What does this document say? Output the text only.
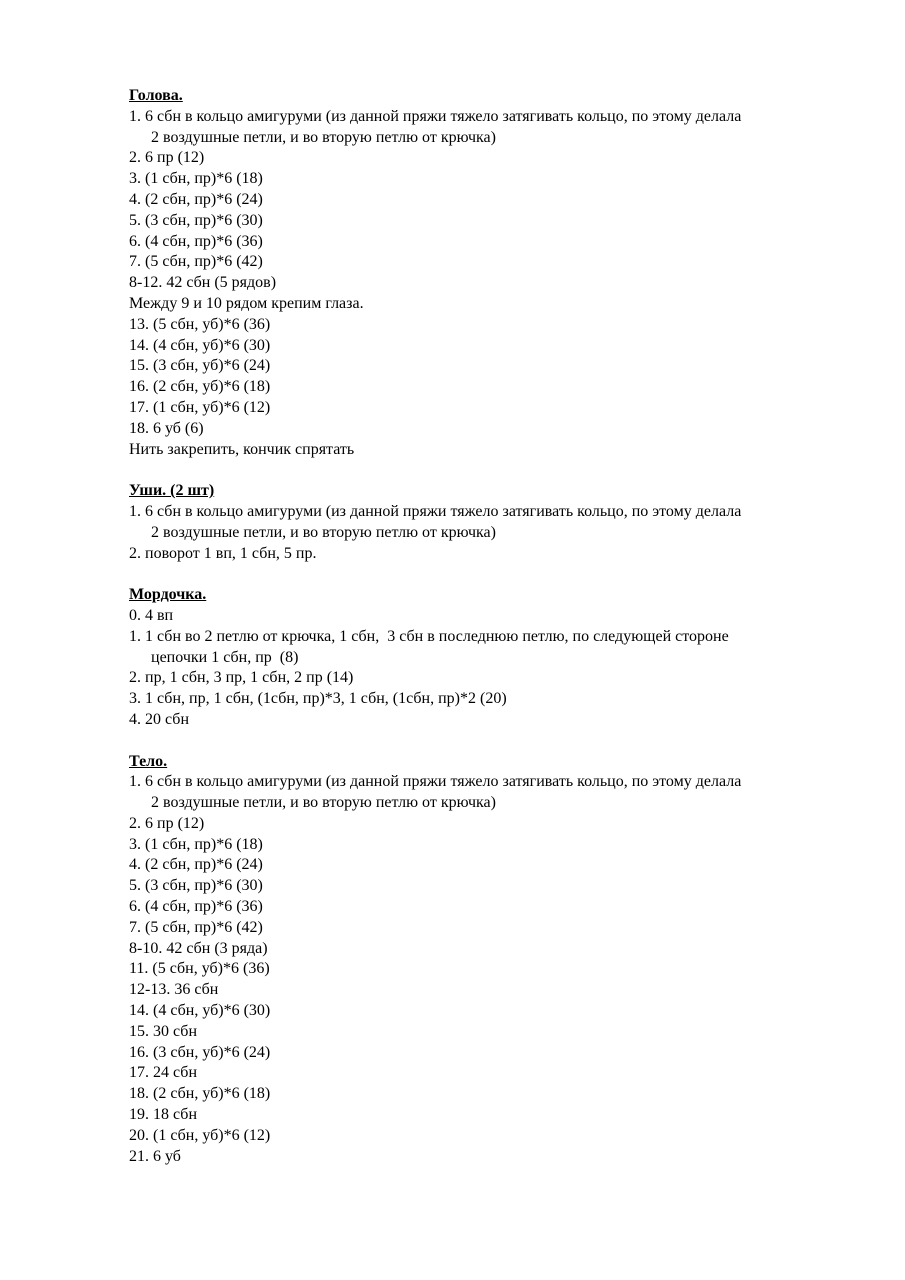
Голова.
1. 6 сбн в кольцо амигуруми (из данной пряжи тяжело затягивать кольцо, по этому делала
2 воздушные петли, и во вторую петлю от крючка)
2. 6 пр (12)
3. (1 сбн, пр)*6 (18)
4. (2 сбн, пр)*6 (24)
5. (3 сбн, пр)*6 (30)
6. (4 сбн, пр)*6 (36)
7. (5 сбн, пр)*6 (42)
8-12. 42 сбн (5 рядов)
Между 9 и 10 рядом крепим глаза.
13. (5 сбн, уб)*6 (36)
14. (4 сбн, уб)*6 (30)
15. (3 сбн, уб)*6 (24)
16. (2 сбн, уб)*6 (18)
17. (1 сбн, уб)*6 (12)
18. 6 уб (6)
Нить закрепить, кончик спрятать
Уши. (2 шт)
1. 6 сбн в кольцо амигуруми (из данной пряжи тяжело затягивать кольцо, по этому делала
2 воздушные петли, и во вторую петлю от крючка)
2. поворот 1 вп, 1 сбн, 5 пр.
Мордочка.
0. 4 вп
1. 1 сбн во 2 петлю от крючка, 1 сбн,  3 сбн в последнюю петлю, по следующей стороне
цепочки 1 сбн, пр  (8)
2. пр, 1 сбн, 3 пр, 1 сбн, 2 пр (14)
3. 1 сбн, пр, 1 сбн, (1сбн, пр)*3, 1 сбн, (1сбн, пр)*2 (20)
4. 20 сбн
Тело.
1. 6 сбн в кольцо амигуруми (из данной пряжи тяжело затягивать кольцо, по этому делала
2 воздушные петли, и во вторую петлю от крючка)
2. 6 пр (12)
3. (1 сбн, пр)*6 (18)
4. (2 сбн, пр)*6 (24)
5. (3 сбн, пр)*6 (30)
6. (4 сбн, пр)*6 (36)
7. (5 сбн, пр)*6 (42)
8-10. 42 сбн (3 ряда)
11. (5 сбн, уб)*6 (36)
12-13. 36 сбн
14. (4 сбн, уб)*6 (30)
15. 30 сбн
16. (3 сбн, уб)*6 (24)
17. 24 сбн
18. (2 сбн, уб)*6 (18)
19. 18 сбн
20. (1 сбн, уб)*6 (12)
21. 6 уб
